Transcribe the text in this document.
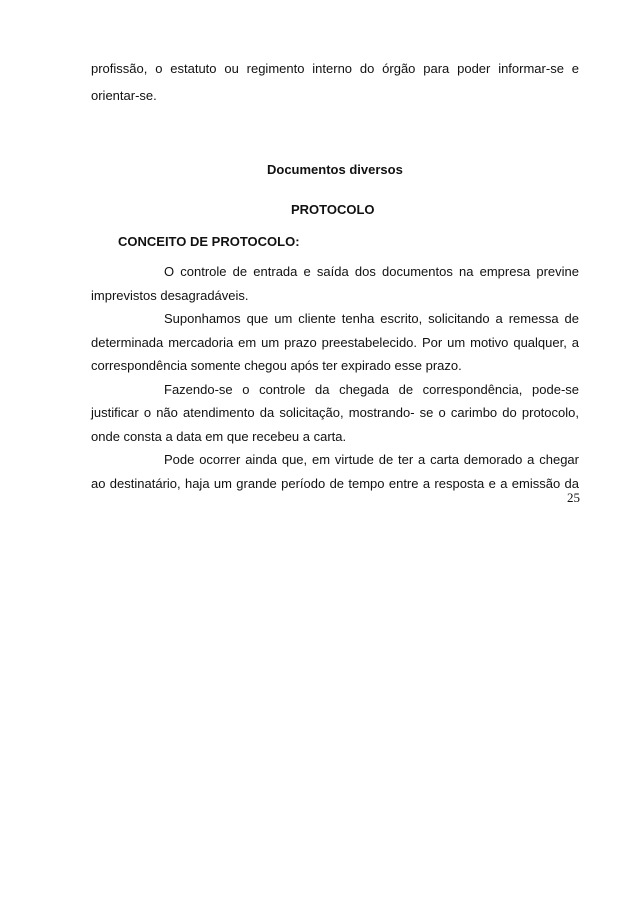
profissão, o estatuto ou regimento interno do órgão para poder informar-se e
orientar-se.
Documentos diversos
PROTOCOLO
CONCEITO DE PROTOCOLO:
O controle de entrada e saída dos documentos na empresa previne
imprevistos desagradáveis.
Suponhamos que um cliente tenha escrito, solicitando a remessa de
determinada mercadoria em um prazo preestabelecido. Por um motivo qualquer, a
correspondência somente chegou após ter expirado esse prazo.
Fazendo-se o controle da chegada de correspondência, pode-se
justificar o não atendimento da solicitação, mostrando- se o carimbo do protocolo,
onde consta a data em que recebeu a carta.
Pode ocorrer ainda que, em virtude de ter a carta demorado a chegar
ao destinatário, haja um grande período de tempo entre a resposta e a emissão da
25
